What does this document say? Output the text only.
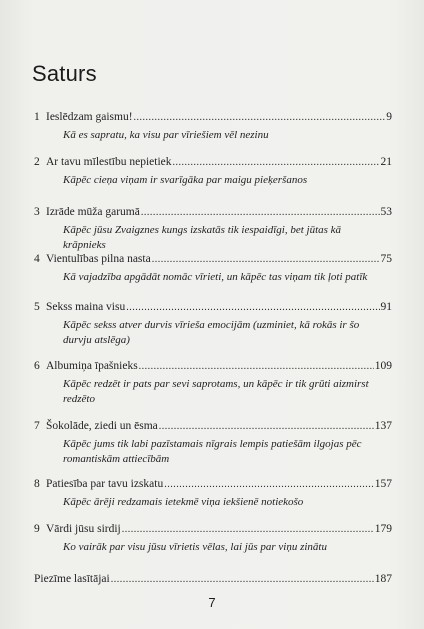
Saturs
1 Ieslēdzam gaismu! .....	9
Kā es sapratu, ka visu par vīriešiem vēl nezinu
2 Ar tavu mīlestību nepietiek .....	21
Kāpēc cieņa viņam ir svarīgāka par maigu pieķeršanos
3 Izrāde mūža garumā .....	53
Kāpēc jūsu Zvaigznes kungs izskatās tik iespaidīgi, bet jūtas kā krāpnieks
4 Vientulības pilna nasta .....	75
Kā vajadzība apgādāt nomāc vīrieti, un kāpēc tas viņam tik ļoti patīk
5 Sekss maina visu .....	91
Kāpēc sekss atver durvis vīrieša emocijām (uzminiet, kā rokās ir šo durvju atslēga)
6 Albumiņa īpašnieks .....	109
Kāpēc redzēt ir pats par sevi saprotams, un kāpēc ir tik grūti aizmirst redzēto
7 Šokolāde, ziedi un ēsma .....	137
Kāpēc jums tik labi pazīstamais nīgrais lempis patiešām ilgojas pēc romantiskām attiecībām
8 Patiesība par tavu izskatu .....	157
Kāpēc ārēji redzamais ietekmē viņa iekšienē notiekošo
9 Vārdi jūsu sirdij .....	179
Ko vairāk par visu jūsu vīrietis vēlas, lai jūs par viņu zinātu
Piezīme lasītājai .....	187
7
